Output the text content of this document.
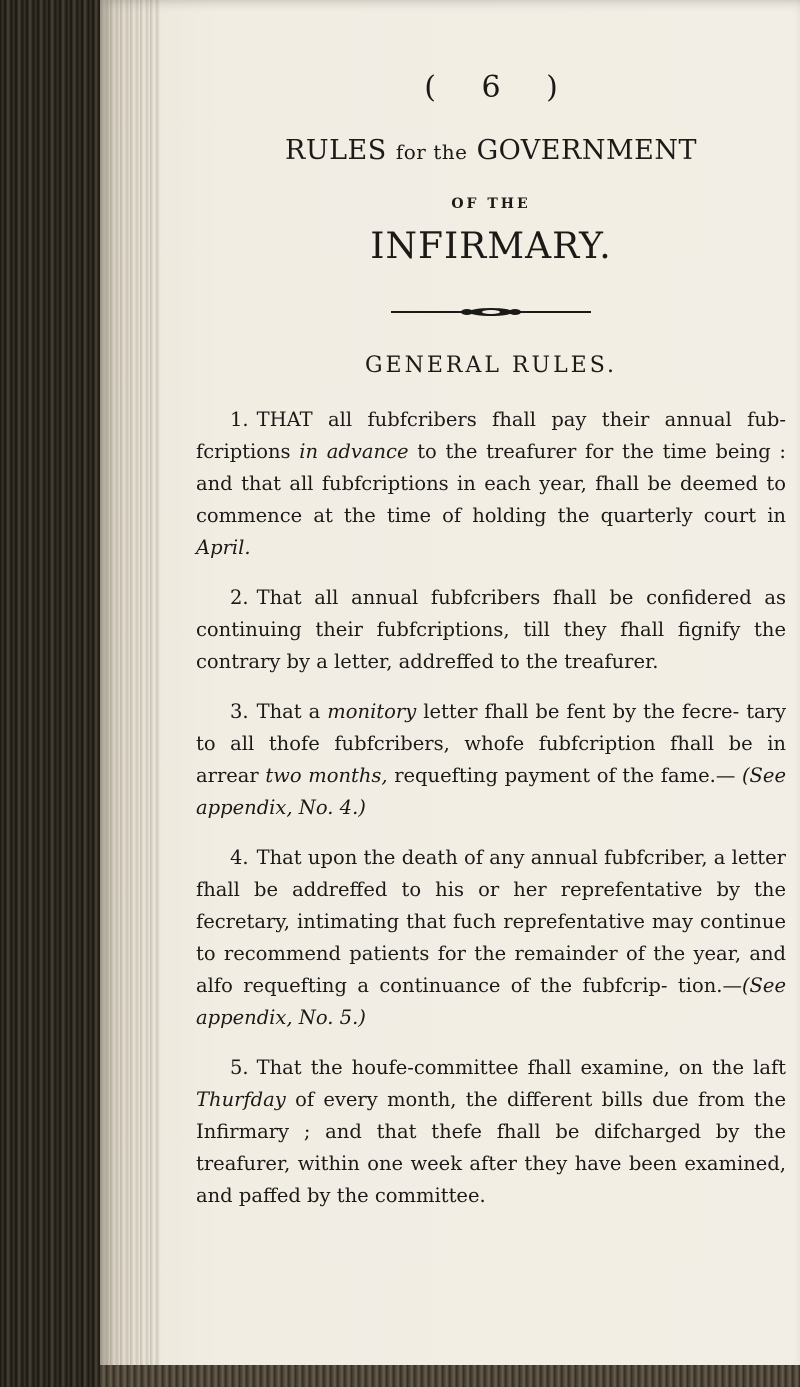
( 6 )

RULES for the GOVERNMENT

OF THE

INFIRMARY.

GENERAL RULES.

1. THAT all fubfcribers fhall pay their annual fub- fcriptions in advance to the treafurer for the time being : and that all fubfcriptions in each year, fhall be deemed to commence at the time of holding the quarterly court in April.

2. That all annual fubfcribers fhall be confidered as continuing their fubfcriptions, till they fhall fignify the contrary by a letter, addreffed to the treafurer.

3. That a monitory letter fhall be fent by the fecre- tary to all thofe fubfcribers, whofe fubfcription fhall be in arrear two months, requefting payment of the fame.— (See appendix, No. 4.)

4. That upon the death of any annual fubfcriber, a letter fhall be addreffed to his or her reprefentative by the fecretary, intimating that fuch reprefentative may continue to recommend patients for the remainder of the year, and alfo requefting a continuance of the fubfcrip- tion.—(See appendix, No. 5.)

5. That the houfe-committee fhall examine, on the laft Thurfday of every month, the different bills due from the Infirmary ; and that thefe fhall be difcharged by the treafurer, within one week after they have been examined, and paffed by the committee.
